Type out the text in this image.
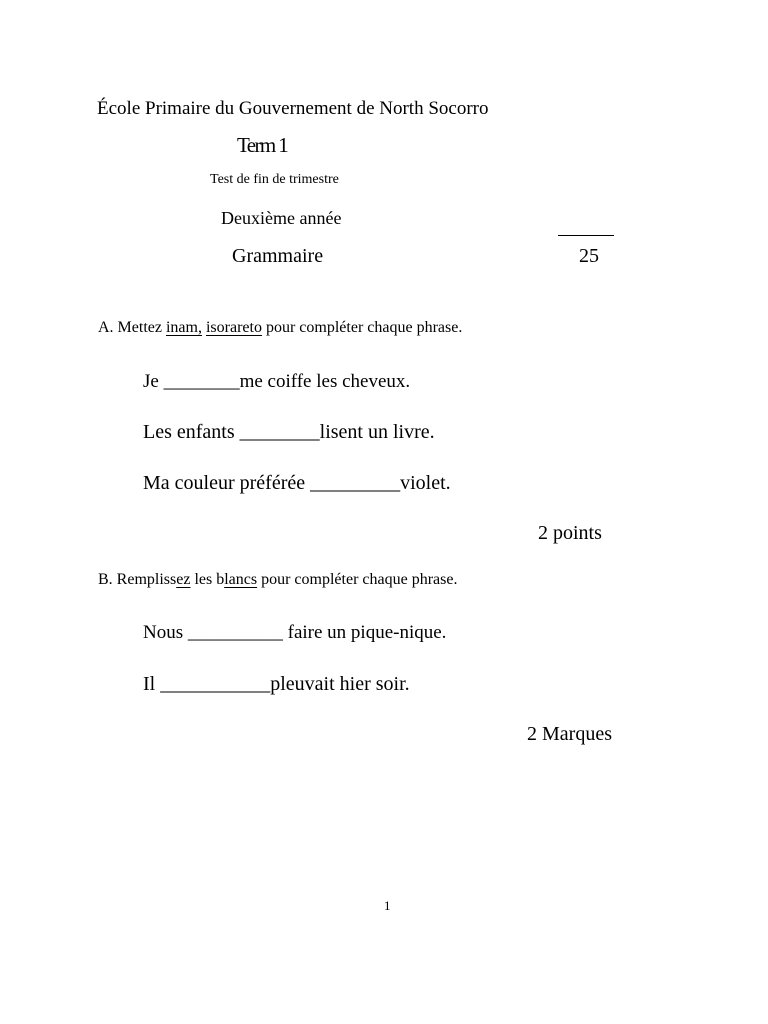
École Primaire du Gouvernement de North Socorro
Term 1
Test de fin de trimestre
Deuxième année
Grammaire	25
A. Mettez inam, isorareto pour compléter chaque phrase.
Je ________me coiffe les cheveux.
Les enfants ________lisent un livre.
Ma couleur préférée _________violet.
2 points
B. Remplissez les blancs pour compléter chaque phrase.
Nous __________ faire un pique-nique.
Il ___________pleuvait hier soir.
2 Marques
1
